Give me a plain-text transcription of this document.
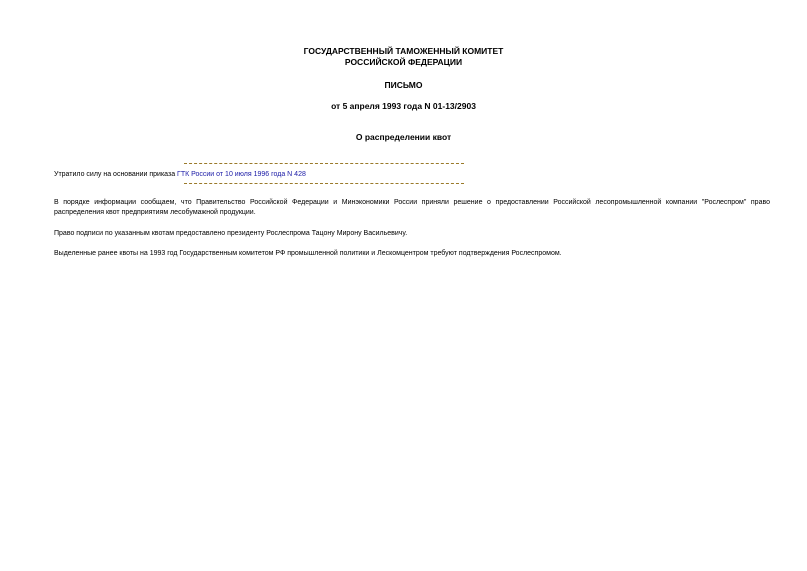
ГОСУДАРСТВЕННЫЙ ТАМОЖЕННЫЙ КОМИТЕТ
РОССИЙСКОЙ ФЕДЕРАЦИИ
ПИСЬМО
от 5 апреля 1993 года N 01-13/2903
О распределении квот
Утратило силу на основании приказа ГТК России от 10 июля 1996 года N 428

В порядке информации сообщаем, что Правительство Российской Федерации и Минэкономики России приняли решение о предоставлении Российской лесопромышленной компании "Рослеспром" право распределения квот предприятиям лесобумажной продукции.

Право подписи по указанным квотам предоставлено президенту Рослеспрома Тацону Мирону Васильевичу.

Выделенные ранее квоты на 1993 год Государственным комитетом РФ промышленной политики и Лескомцентром требуют подтверждения Рослеспромом.
